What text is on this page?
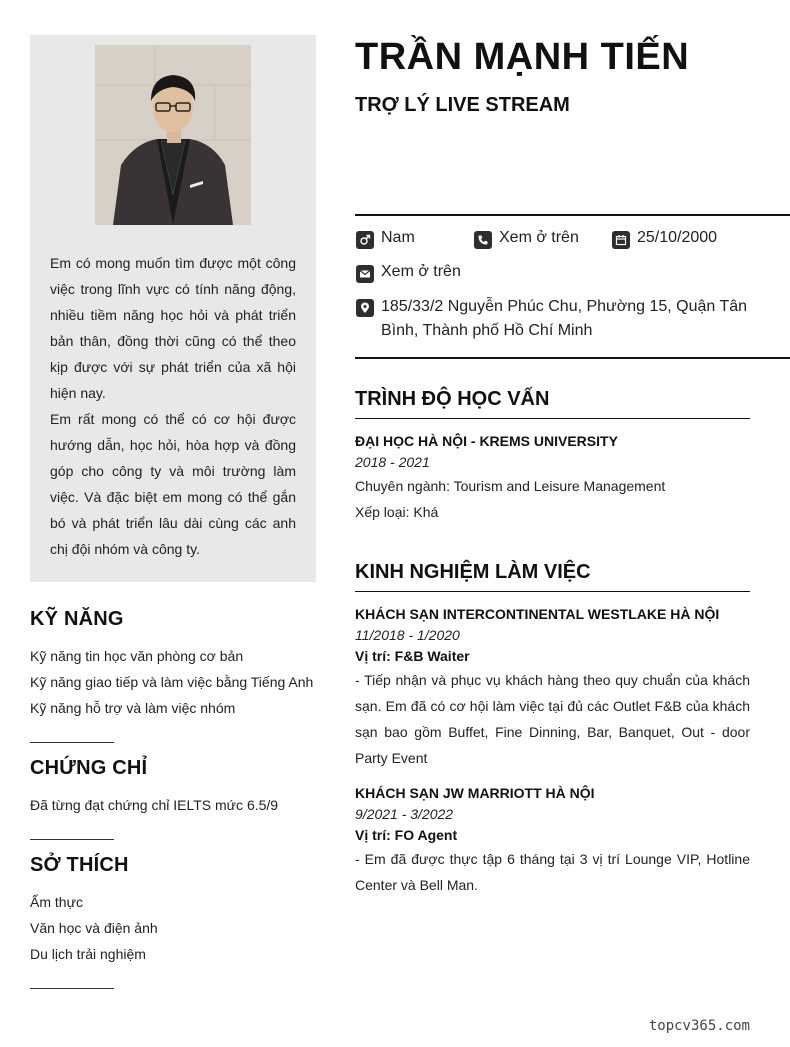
Em có mong muốn tìm được một công việc trong lĩnh vực có tính năng động, nhiều tiềm năng học hỏi và phát triển bản thân, đồng thời cũng có thể theo kịp được với sự phát triển của xã hội hiện nay.

Em rất mong có thể có cơ hội được hướng dẫn, học hỏi, hòa hợp và đồng góp cho công ty và môi trường làm việc. Và đặc biệt em mong có thể gắn bó và phát triển lâu dài cùng các anh chị đội nhóm và công ty.

KỸ NĂNG
Kỹ năng tin học văn phòng cơ bản
Kỹ năng giao tiếp và làm việc bằng Tiếng Anh
Kỹ năng hỗ trợ và làm việc nhóm
CHỨNG CHỈ
Đã từng đạt chứng chỉ IELTS mức 6.5/9
SỞ THÍCH
Ẩm thực
Văn học và điện ảnh
Du lịch trải nghiệm
TRẦN MẠNH TIẾN
TRỢ LÝ LIVE STREAM
Nam	Xem ở trên	25/10/2000
Xem ở trên
185/33/2 Nguyễn Phúc Chu, Phường 15, Quận Tân Bình, Thành phố Hồ Chí Minh
TRÌNH ĐỘ HỌC VẤN
ĐẠI HỌC HÀ NỘI - KREMS UNIVERSITY
2018 - 2021
Chuyên ngành: Tourism and Leisure Management
Xếp loại: Khá
KINH NGHIỆM LÀM VIỆC
KHÁCH SẠN INTERCONTINENTAL WESTLAKE HÀ NỘI
11/2018 - 1/2020
Vị trí: F&B Waiter
- Tiếp nhận và phục vụ khách hàng theo quy chuẩn của khách sạn. Em đã có cơ hội làm việc tại đủ các Outlet F&B của khách sạn bao gồm Buffet, Fine Dinning, Bar, Banquet, Out - door Party Event
KHÁCH SẠN JW MARRIOTT HÀ NỘI
9/2021 - 3/2022
Vị trí: FO Agent
- Em đã được thực tập 6 tháng tại 3 vị trí Lounge VIP, Hotline Center và Bell Man.
topcv365.com
